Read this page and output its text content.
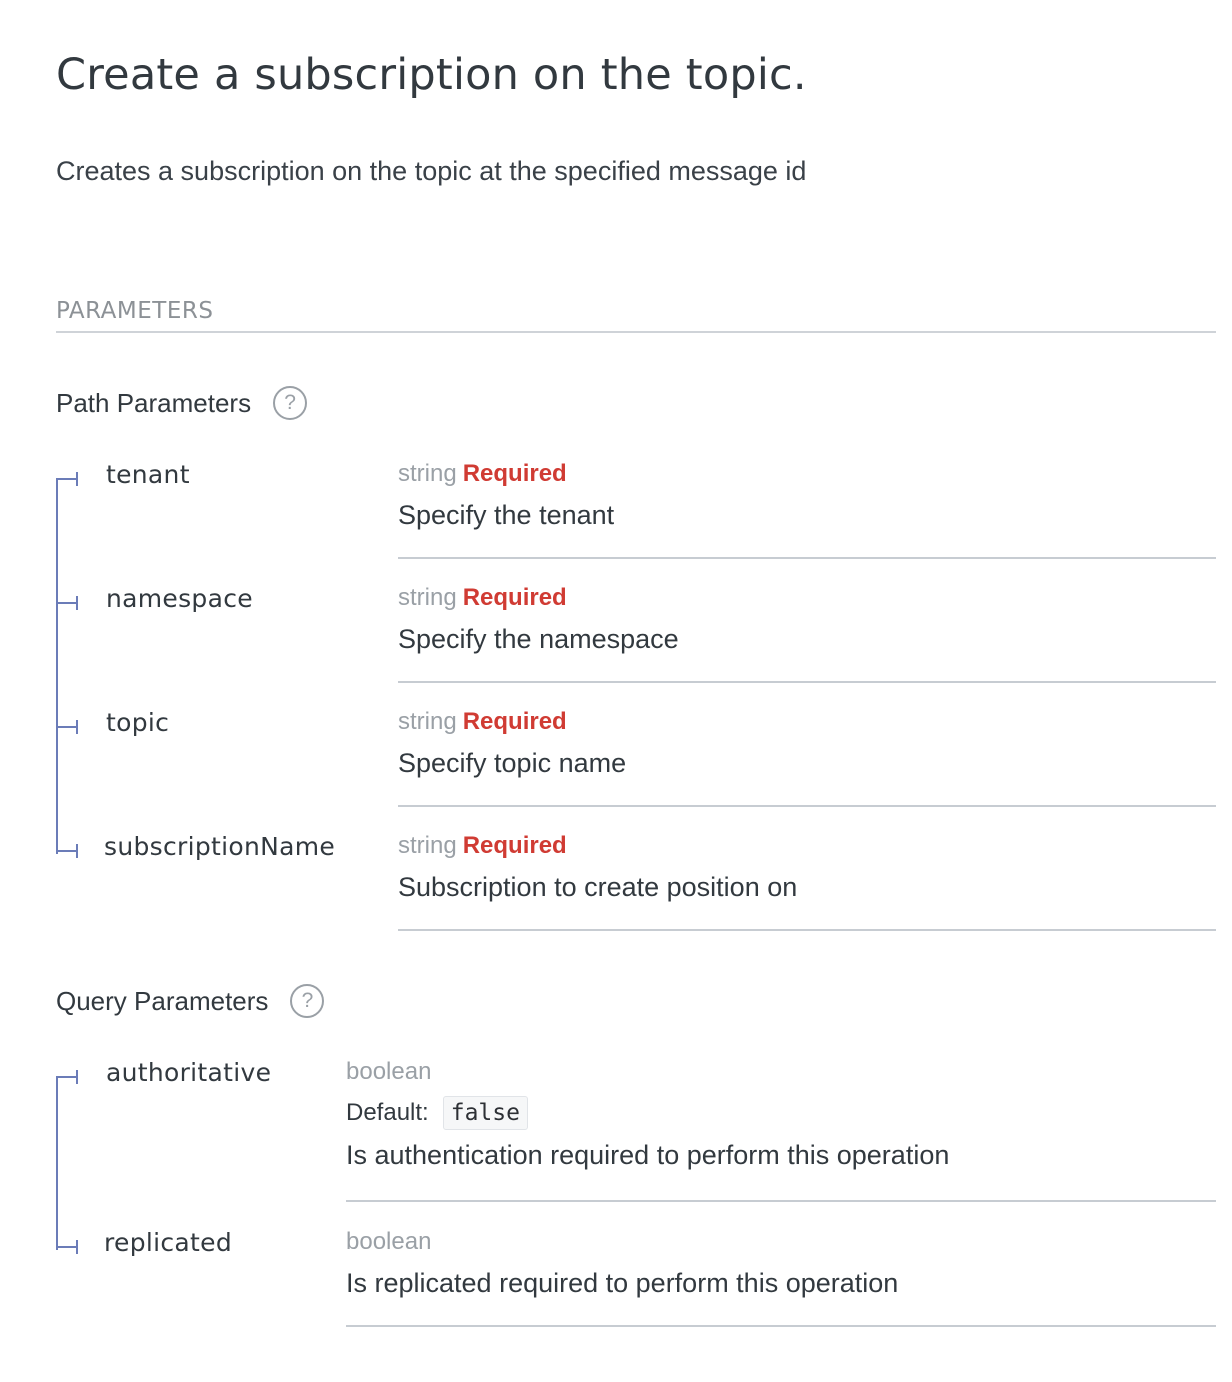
Create a subscription on the topic.

Creates a subscription on the topic at the specified message id

PARAMETERS
Path Parameters	?
tenant	string Required
Specify the tenant
namespace	string Required
Specify the namespace
topic	string Required
Specify topic name
subscriptionName	string Required
Subscription to create position on
Query Parameters	?
authoritative	boolean
Default: false
Is authentication required to perform this operation
replicated	boolean
Is replicated required to perform this operation
